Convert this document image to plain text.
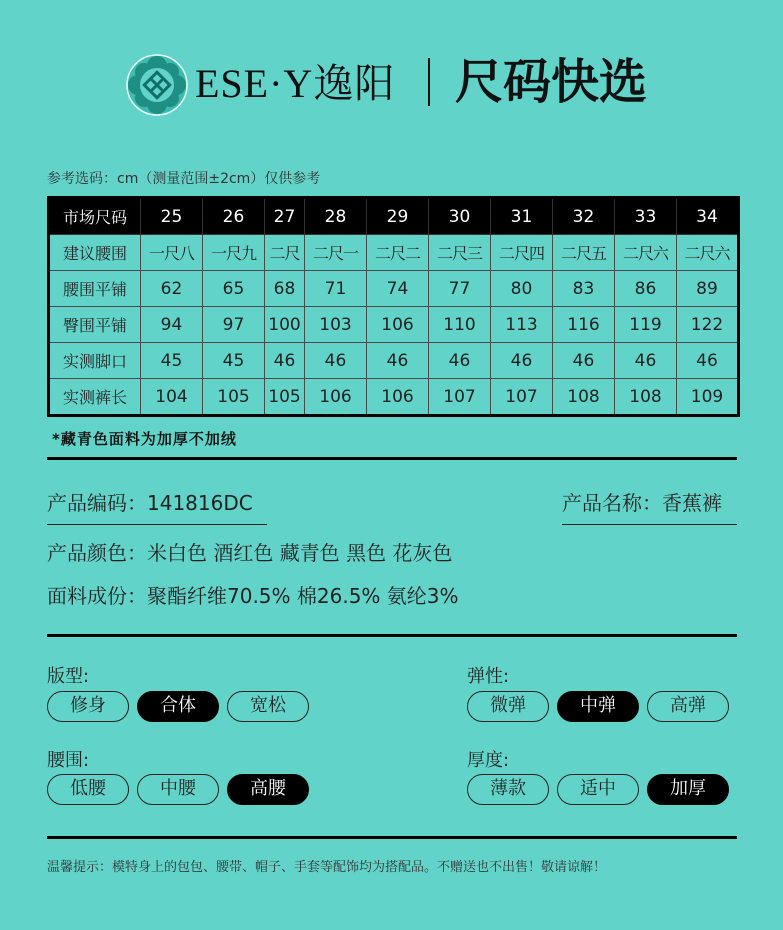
ESE·Y逸阳 尺码快选
参考选码：cm（测量范围±2cm）仅供参考
市场尺码	25	26	27	28	29	30	31	32	33	34
建议腰围	一尺八	一尺九	二尺	二尺一	二尺二	二尺三	二尺四	二尺五	二尺六	二尺六
腰围平铺	62	65	68	71	74	77	80	83	86	89
臀围平铺	94	97	100	103	106	110	113	116	119	122
实测脚口	45	45	46	46	46	46	46	46	46	46
实测裤长	104	105	105	106	106	107	107	108	108	109
*藏青色面料为加厚不加绒
产品编码：141816DC	产品名称：香蕉裤
产品颜色：米白色 酒红色 藏青色 黑色 花灰色
面料成份：聚酯纤维70.5% 棉26.5% 氨纶3%
版型:
修身	合体	宽松
弹性:
微弹	中弹	高弹
腰围:
低腰	中腰	高腰
厚度:
薄款	适中	加厚
温馨提示：模特身上的包包、腰带、帽子、手套等配饰均为搭配品。不赠送也不出售！敬请谅解！
